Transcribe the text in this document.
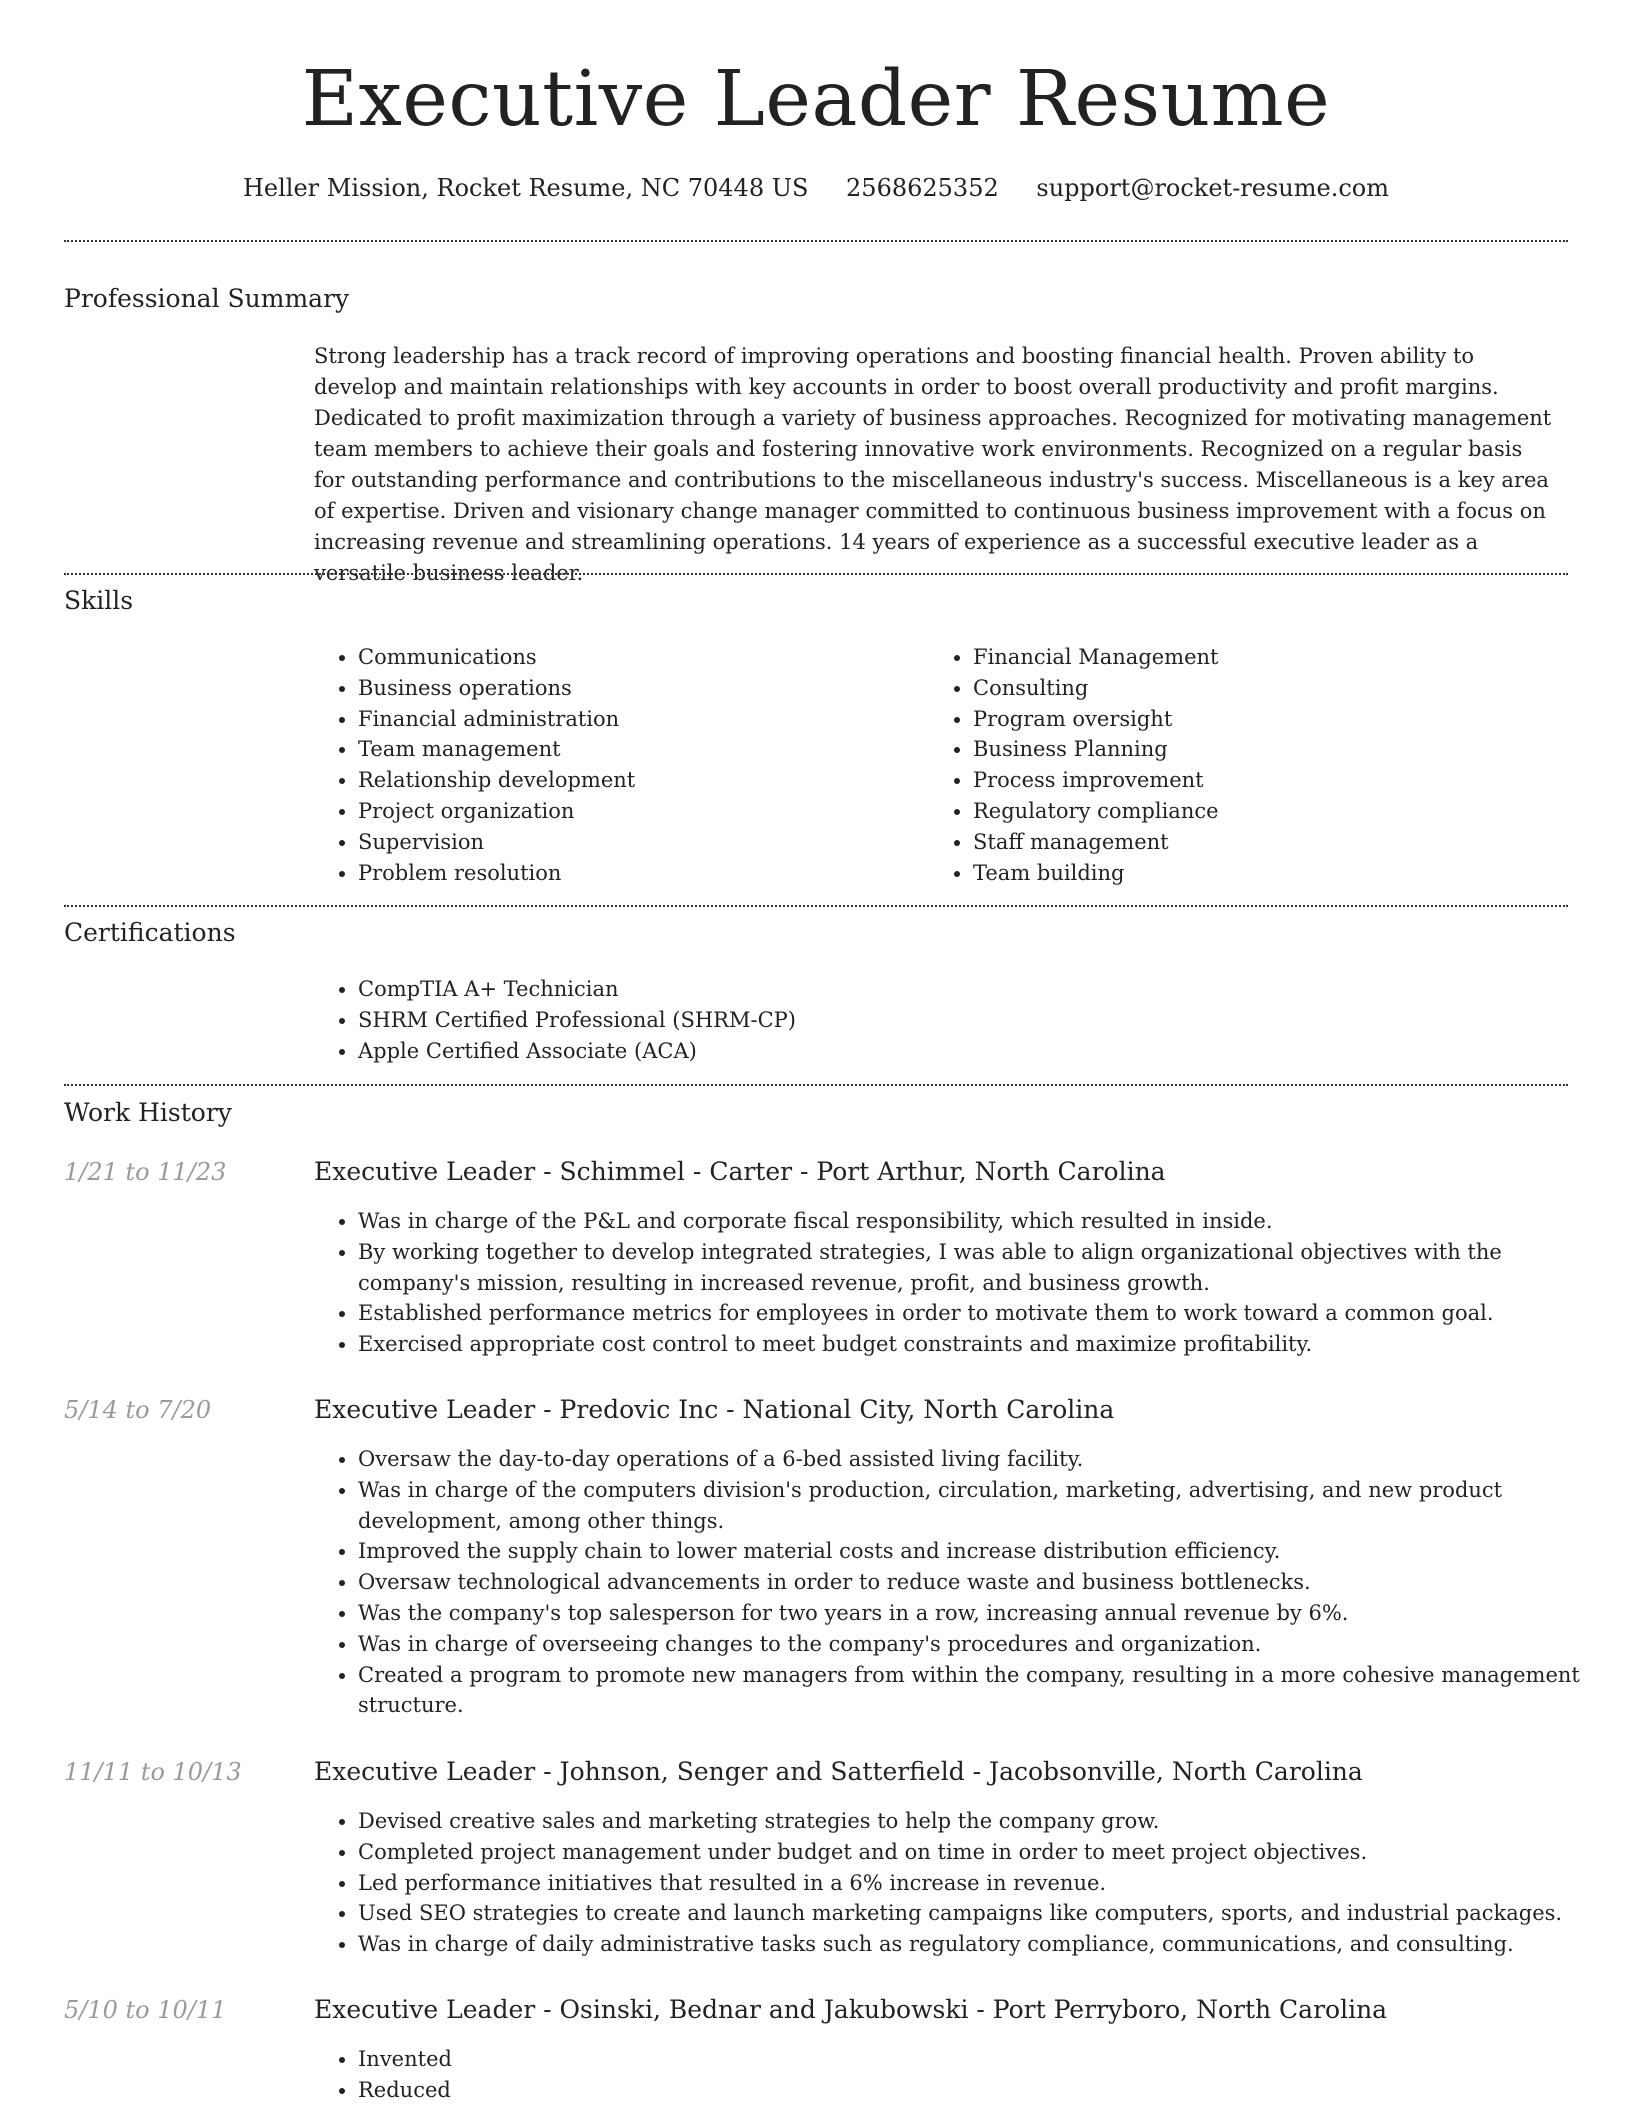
Executive Leader Resume
Heller Mission, Rocket Resume, NC 70448 US 2568625352 support@rocket-resume.com
Professional Summary
Strong leadership has a track record of improving operations and boosting financial health. Proven ability to develop and maintain relationships with key accounts in order to boost overall productivity and profit margins. Dedicated to profit maximization through a variety of business approaches. Recognized for motivating management team members to achieve their goals and fostering innovative work environments. Recognized on a regular basis for outstanding performance and contributions to the miscellaneous industry's success. Miscellaneous is a key area of expertise. Driven and visionary change manager committed to continuous business improvement with a focus on increasing revenue and streamlining operations. 14 years of experience as a successful executive leader as a versatile business leader.
Skills
• Communications
• Business operations
• Financial administration
• Team management
• Relationship development
• Project organization
• Supervision
• Problem resolution
• Financial Management
• Consulting
• Program oversight
• Business Planning
• Process improvement
• Regulatory compliance
• Staff management
• Team building
Certifications
• CompTIA A+ Technician
• SHRM Certified Professional (SHRM-CP)
• Apple Certified Associate (ACA)
Work History
1/21 to 11/23	Executive Leader - Schimmel - Carter - Port Arthur, North Carolina
• Was in charge of the P&L and corporate fiscal responsibility, which resulted in inside.
• By working together to develop integrated strategies, I was able to align organizational objectives with the company's mission, resulting in increased revenue, profit, and business growth.
• Established performance metrics for employees in order to motivate them to work toward a common goal.
• Exercised appropriate cost control to meet budget constraints and maximize profitability.
5/14 to 7/20	Executive Leader - Predovic Inc - National City, North Carolina
• Oversaw the day-to-day operations of a 6-bed assisted living facility.
• Was in charge of the computers division's production, circulation, marketing, advertising, and new product development, among other things.
• Improved the supply chain to lower material costs and increase distribution efficiency.
• Oversaw technological advancements in order to reduce waste and business bottlenecks.
• Was the company's top salesperson for two years in a row, increasing annual revenue by 6%.
• Was in charge of overseeing changes to the company's procedures and organization.
• Created a program to promote new managers from within the company, resulting in a more cohesive management structure.
11/11 to 10/13	Executive Leader - Johnson, Senger and Satterfield - Jacobsonville, North Carolina
• Devised creative sales and marketing strategies to help the company grow.
• Completed project management under budget and on time in order to meet project objectives.
• Led performance initiatives that resulted in a 6% increase in revenue.
• Used SEO strategies to create and launch marketing campaigns like computers, sports, and industrial packages.
• Was in charge of daily administrative tasks such as regulatory compliance, communications, and consulting.
5/10 to 10/11	Executive Leader - Osinski, Bednar and Jakubowski - Port Perryboro, North Carolina
• Invented
• Reduced
